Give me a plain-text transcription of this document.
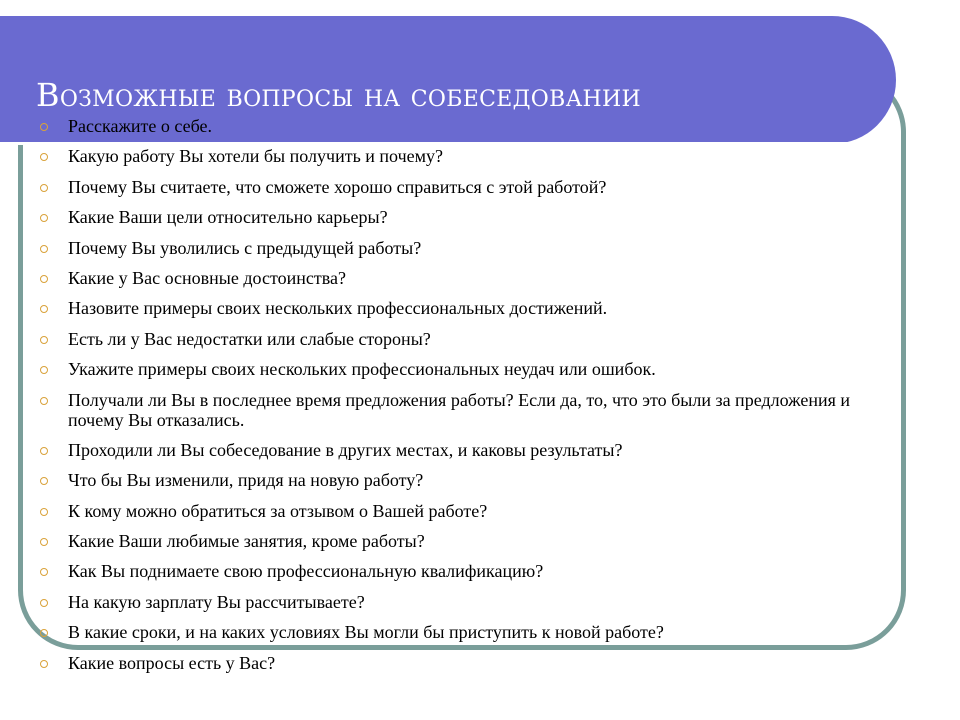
Возможные вопросы на собеседовании
Расскажите о себе.
Какую работу Вы хотели бы получить и почему?
Почему Вы считаете, что сможете хорошо справиться с этой работой?
Какие Ваши цели относительно карьеры?
Почему Вы уволились с предыдущей работы?
Какие у Вас основные достоинства?
Назовите примеры своих нескольких профессиональных достижений.
Есть ли у Вас недостатки или слабые стороны?
Укажите примеры своих нескольких профессиональных неудач или ошибок.
Получали ли Вы в последнее время предложения работы? Если да, то, что это были за предложения и почему Вы отказались.
Проходили ли Вы собеседование в других местах, и каковы результаты?
Что бы Вы изменили, придя на новую работу?
К кому можно обратиться за отзывом о Вашей работе?
Какие Ваши любимые занятия, кроме работы?
Как Вы поднимаете свою профессиональную квалификацию?
На какую зарплату Вы рассчитываете?
В какие сроки, и на каких условиях Вы могли бы приступить к новой работе?
Какие вопросы есть у Вас?
